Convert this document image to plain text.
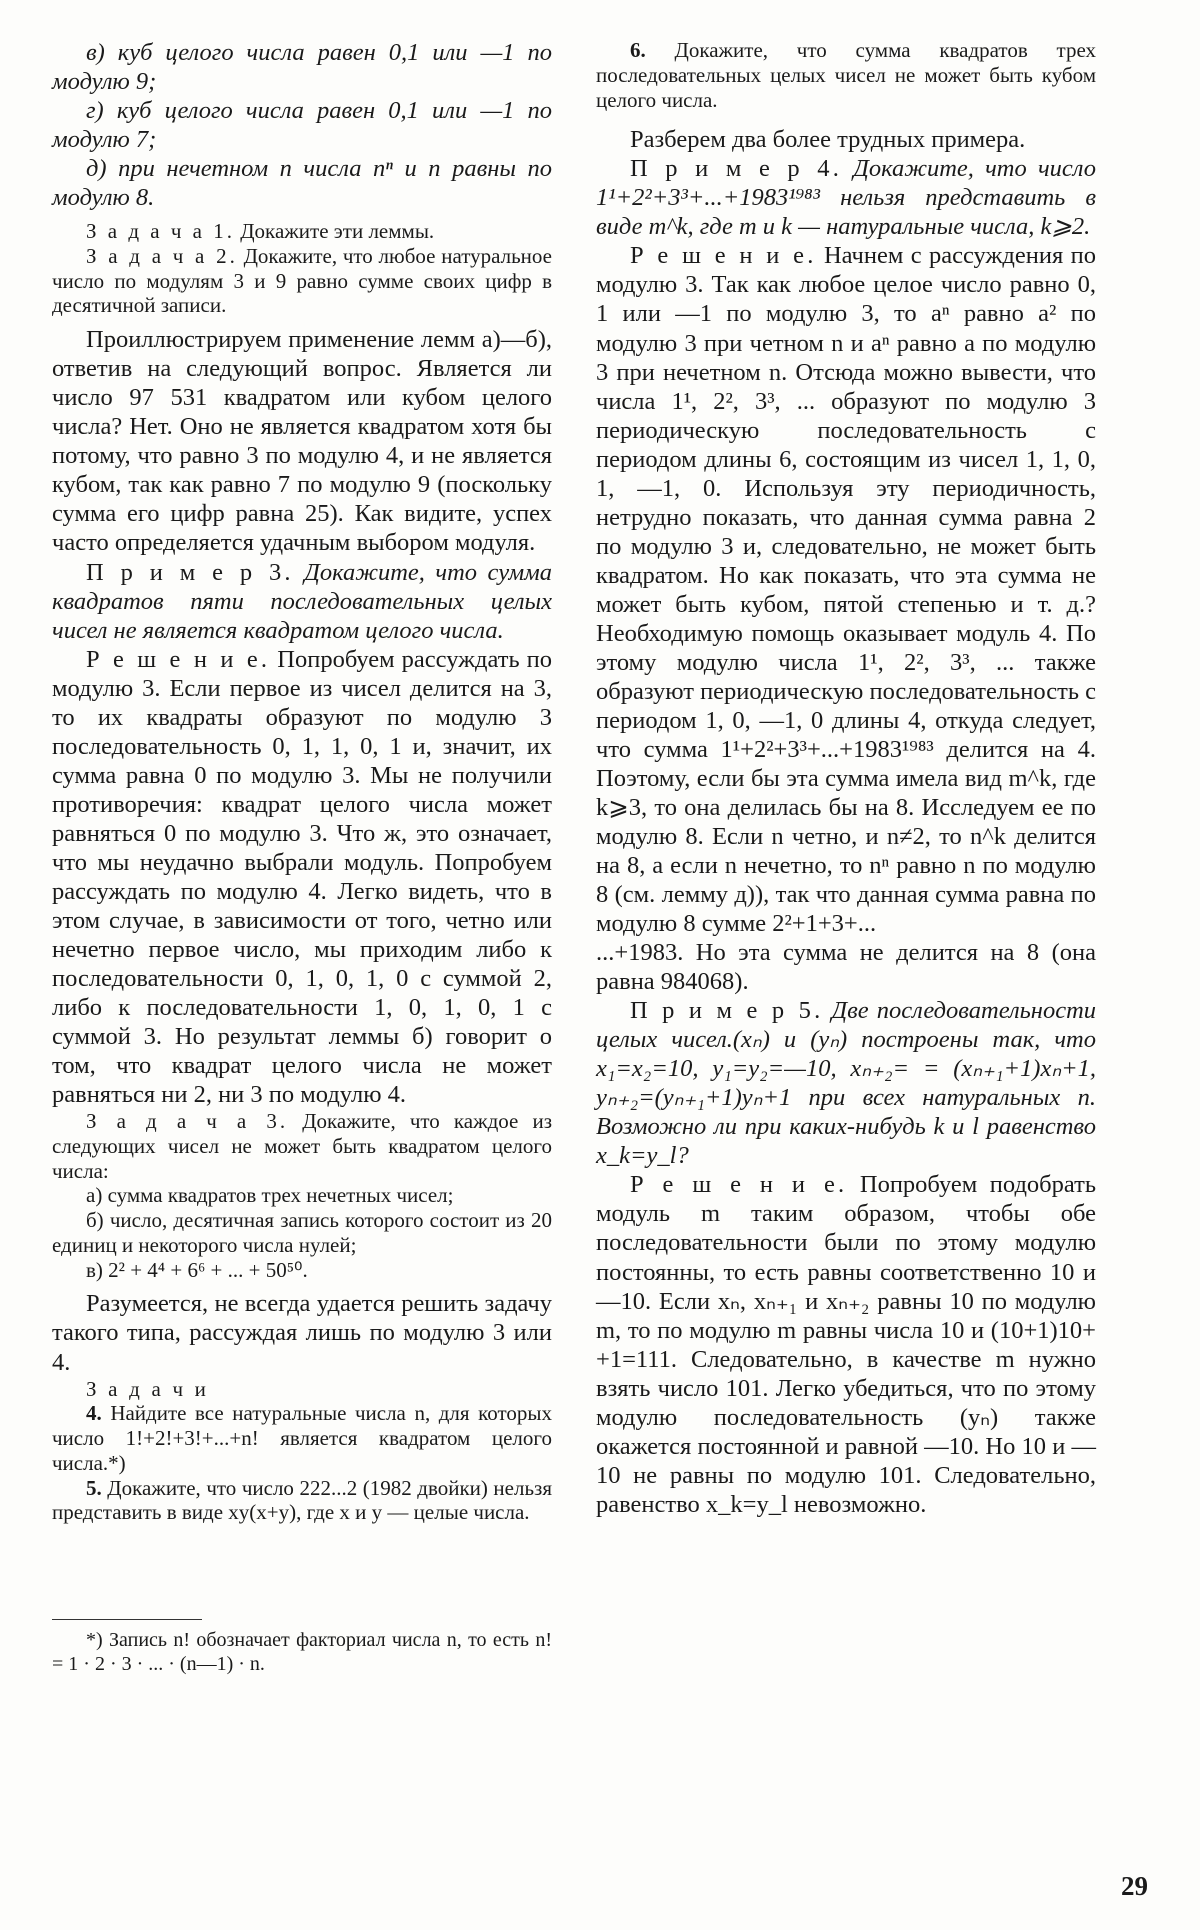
в) куб целого числа равен 0,1 или —1 по модулю 9;

г) куб целого числа равен 0,1 или —1 по модулю 7;

д) при нечетном n числа nⁿ и n равны по модулю 8.

З а д а ч а 1. Докажите эти леммы.

З а д а ч а 2. Докажите, что любое натуральное число по модулям 3 и 9 равно сумме своих цифр в десятичной записи.

Проиллюстрируем применение лемм а)—б), ответив на следующий вопрос. Является ли число 97 531 квадратом или кубом целого числа? Нет. Оно не является квадратом хотя бы потому, что равно 3 по модулю 4, и не является кубом, так как равно 7 по модулю 9 (поскольку сумма его цифр равна 25). Как видите, успех часто определяется удачным выбором модуля.

П р и м е р 3. Докажите, что сумма квадратов пяти последовательных целых чисел не является квадратом целого числа.

Р е ш е н и е. Попробуем рассуждать по модулю 3. Если первое из чисел делится на 3, то их квадраты образуют по модулю 3 последовательность 0, 1, 1, 0, 1 и, значит, их сумма равна 0 по модулю 3. Мы не получили противоречия: квадрат целого числа может равняться 0 по модулю 3. Что ж, это означает, что мы неудачно выбрали модуль. Попробуем рассуждать по модулю 4. Легко видеть, что в этом случае, в зависимости от того, четно или нечетно первое число, мы приходим либо к последовательности 0, 1, 0, 1, 0 с суммой 2, либо к последовательности 1, 0, 1, 0, 1 с суммой 3. Но результат леммы б) говорит о том, что квадрат целого числа не может равняться ни 2, ни 3 по модулю 4.

З а д а ч а 3. Докажите, что каждое из следующих чисел не может быть квадратом целого числа:

а) сумма квадратов трех нечетных чисел;

б) число, десятичная запись которого состоит из 20 единиц и некоторого числа нулей;

в) 2² + 4⁴ + 6⁶ + ... + 50⁵⁰.

Разумеется, не всегда удается решить задачу такого типа, рассуждая лишь по модулю 3 или 4.

З а д а ч и

4. Найдите все натуральные числа n, для которых число 1!+2!+3!+...+n! является квадратом целого числа.*)

5. Докажите, что число 222...2 (1982 двойки) нельзя представить в виде xy(x+y), где x и y — целые числа.

*) Запись n! обозначает факториал числа n, то есть n! = 1 · 2 · 3 · ... · (n—1) · n.

6. Докажите, что сумма квадратов трех последовательных целых чисел не может быть кубом целого числа.

Разберем два более трудных примера.

П р и м е р 4. Докажите, что число 1¹+2²+3³+...+1983¹⁹⁸³ нельзя представить в виде m^k, где m и k — натуральные числа, k⩾2.

Р е ш е н и е. Начнем с рассуждения по модулю 3. Так как любое целое число равно 0, 1 или —1 по модулю 3, то aⁿ равно a² по модулю 3 при четном n и aⁿ равно a по модулю 3 при нечетном n. Отсюда можно вывести, что числа 1¹, 2², 3³, ... образуют по модулю 3 периодическую последовательность с периодом длины 6, состоящим из чисел 1, 1, 0, 1, —1, 0. Используя эту периодичность, нетрудно показать, что данная сумма равна 2 по модулю 3 и, следовательно, не может быть квадратом. Но как показать, что эта сумма не может быть кубом, пятой степенью и т. д.? Необходимую помощь оказывает модуль 4. По этому модулю числа 1¹, 2², 3³, ... также образуют периодическую последовательность с периодом 1, 0, —1, 0 длины 4, откуда следует, что сумма 1¹+2²+3³+...+1983¹⁹⁸³ делится на 4. Поэтому, если бы эта сумма имела вид m^k, где k⩾3, то она делилась бы на 8. Исследуем ее по модулю 8. Если n четно, и n≠2, то n^k делится на 8, а если n нечетно, то nⁿ равно n по модулю 8 (см. лемму д)), так что данная сумма равна по модулю 8 сумме 2²+1+3+...

...+1983. Но эта сумма не делится на 8 (она равна 984068).

П р и м е р 5. Две последовательности целых чисел.(xₙ) и (yₙ) построены так, что x₁=x₂=10, y₁=y₂=—10, xₙ₊₂= = (xₙ₊₁+1)xₙ+1, yₙ₊₂=(yₙ₊₁+1)yₙ+1 при всех натуральных n. Возможно ли при каких-нибудь k и l равенство x_k=y_l?

Р е ш е н и е. Попробуем подобрать модуль m таким образом, чтобы обе последовательности были по этому модулю постоянны, то есть равны соответственно 10 и —10. Если xₙ, xₙ₊₁ и xₙ₊₂ равны 10 по модулю m, то по модулю m равны числа 10 и (10+1)10+ +1=111. Следовательно, в качестве m нужно взять число 101. Легко убедиться, что по этому модулю последовательность (yₙ) также окажется постоянной и равной —10. Но 10 и —10 не равны по модулю 101. Следовательно, равенство x_k=y_l невозможно.

29
